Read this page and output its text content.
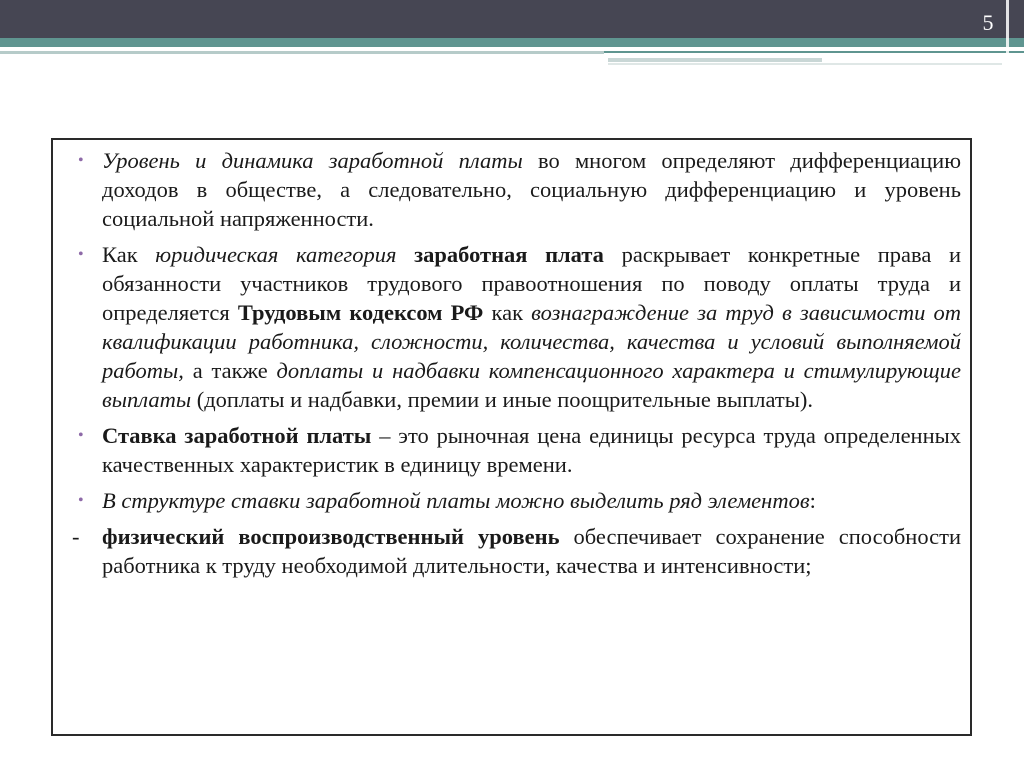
5

• Уровень и динамика заработной платы во многом определяют дифференциацию доходов в обществе, а следовательно, социальную дифференциацию и уровень социальной напряженности.

• Как юридическая категория заработная плата раскрывает конкретные права и обязанности участников трудового правоотношения по поводу оплаты труда и определяется Трудовым кодексом РФ как вознаграждение за труд в зависимости от квалификации работника, сложности, количества, качества и условий выполняемой работы, а также доплаты и надбавки компенсационного характера и стимулирующие выплаты (доплаты и надбавки, премии и иные поощрительные выплаты).

• Ставка заработной платы – это рыночная цена единицы ресурса труда определенных качественных характеристик в единицу времени.

• В структуре ставки заработной платы можно выделить ряд элементов:

- физический воспроизводственный уровень обеспечивает сохранение способности работника к труду необходимой длительности, качества и интенсивности;
